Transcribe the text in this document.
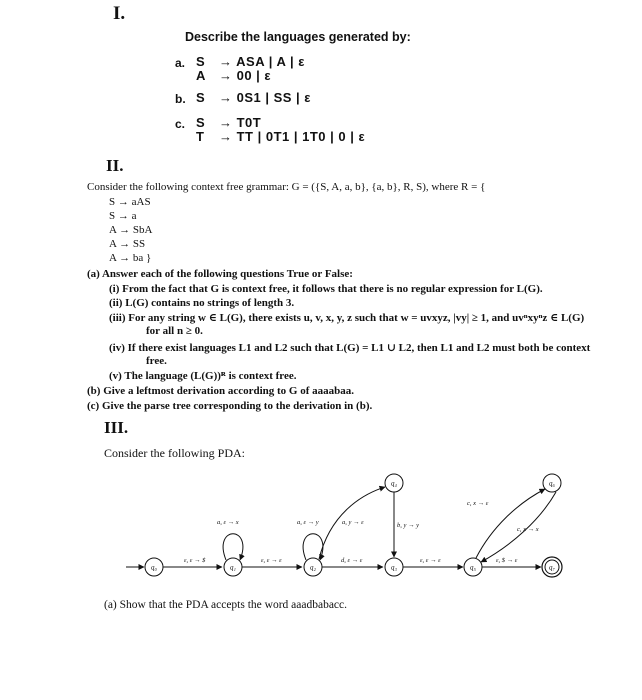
I.
Describe the languages generated by:
a. S → ASA | A | ε
A → 00 | ε
b. S → 0S1 | SS | ε
c. S → T0T
T → TT | 0T1 | 1T0 | 0 | ε
II.
Consider the following context free grammar: G = ({S, A, a, b}, {a, b}, R, S), where R = {
S → aAS
S → a
A → SbA
A → SS
A → ba }
(a) Answer each of the following questions True or False:
(i) From the fact that G is context free, it follows that there is no regular expression for L(G).
(ii) L(G) contains no strings of length 3.
(iii) For any string w ∈ L(G), there exists u, v, x, y, z such that w = uvxyz, |vy| ≥ 1, and uvⁿxyⁿz ∈ L(G)
for all n ≥ 0.
(iv) If there exist languages L1 and L2 such that L(G) = L1 ∪ L2, then L1 and L2 must both be context
free.
(v) The language (L(G))ᴿ is context free.
(b) Give a leftmost derivation according to G of aaaabaa.
(c) Give the parse tree corresponding to the derivation in (b).
III.
Consider the following PDA:
q₀	q₁	q₂	q₃
q₄
q₅
q₆
q₇
ε, ε → $
a, ε → x
ε, ε → ε
a, ε → y
d, ε → ε
a, y → ε	b, y → y
ε, ε → ε
c, x → ε
c, x → x
ε, $ → ε
(a) Show that the PDA accepts the word aaadbabacc.
